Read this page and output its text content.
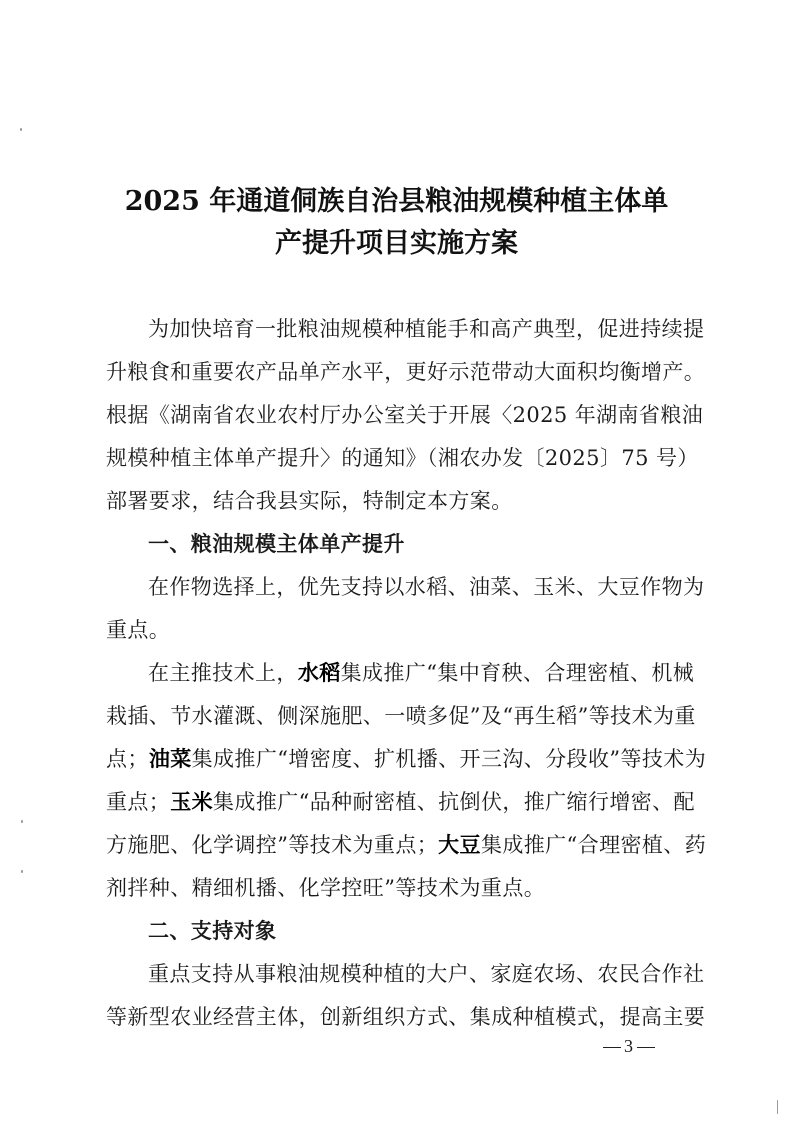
2025 年通道侗族自治县粮油规模种植主体单
产提升项目实施方案
为加快培育一批粮油规模种植能手和高产典型，促进持续提
升粮食和重要农产品单产水平，更好示范带动大面积均衡增产。
根据《湖南省农业农村厅办公室关于开展〈2025 年湖南省粮油
规模种植主体单产提升〉的通知》（湘农办发〔2025〕75 号）
部署要求，结合我县实际，特制定本方案。
一、粮油规模主体单产提升
在作物选择上，优先支持以水稻、油菜、玉米、大豆作物为
重点。
在主推技术上，水稻集成推广“集中育秧、合理密植、机械
栽插、节水灌溉、侧深施肥、一喷多促”及“再生稻”等技术为重
点；油菜集成推广“增密度、扩机播、开三沟、分段收”等技术为
重点；玉米集成推广“品种耐密植、抗倒伏，推广缩行增密、配
方施肥、化学调控”等技术为重点；大豆集成推广“合理密植、药
剂拌种、精细机播、化学控旺”等技术为重点。
二、支持对象
重点支持从事粮油规模种植的大户、家庭农场、农民合作社
等新型农业经营主体，创新组织方式、集成种植模式，提高主要
3
